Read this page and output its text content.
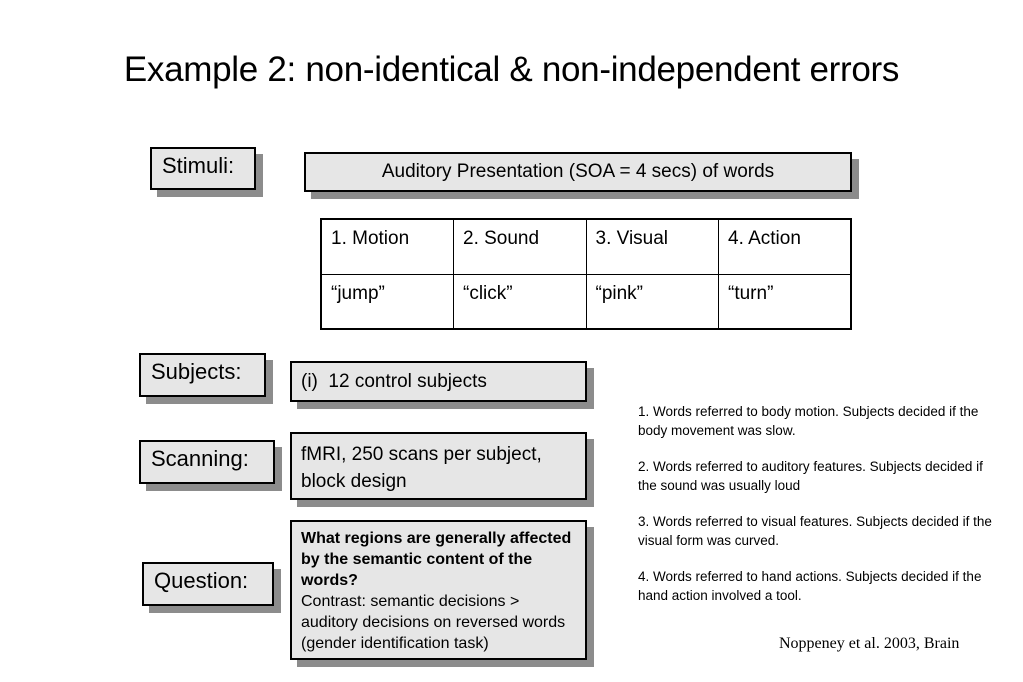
Example 2: non-identical & non-independent errors
Stimuli:	Auditory Presentation (SOA = 4 secs) of words
1. Motion	2. Sound	3. Visual	4. Action
“jump”	“click”	“pink”	“turn”
Subjects:	(i)  12 control subjects
Scanning:	fMRI, 250 scans per subject, block design
Question:
What regions are generally affected by the semantic content of the words?
Contrast: semantic decisions > auditory decisions on reversed words (gender identification task)

1. Words referred to body motion. Subjects decided if the body movement was slow.

2. Words referred to auditory features. Subjects decided if the sound was usually loud

3. Words referred to visual features. Subjects decided if the visual form was curved.

4. Words referred to hand actions. Subjects decided if the hand action involved a tool.

Noppeney et al. 2003, Brain
